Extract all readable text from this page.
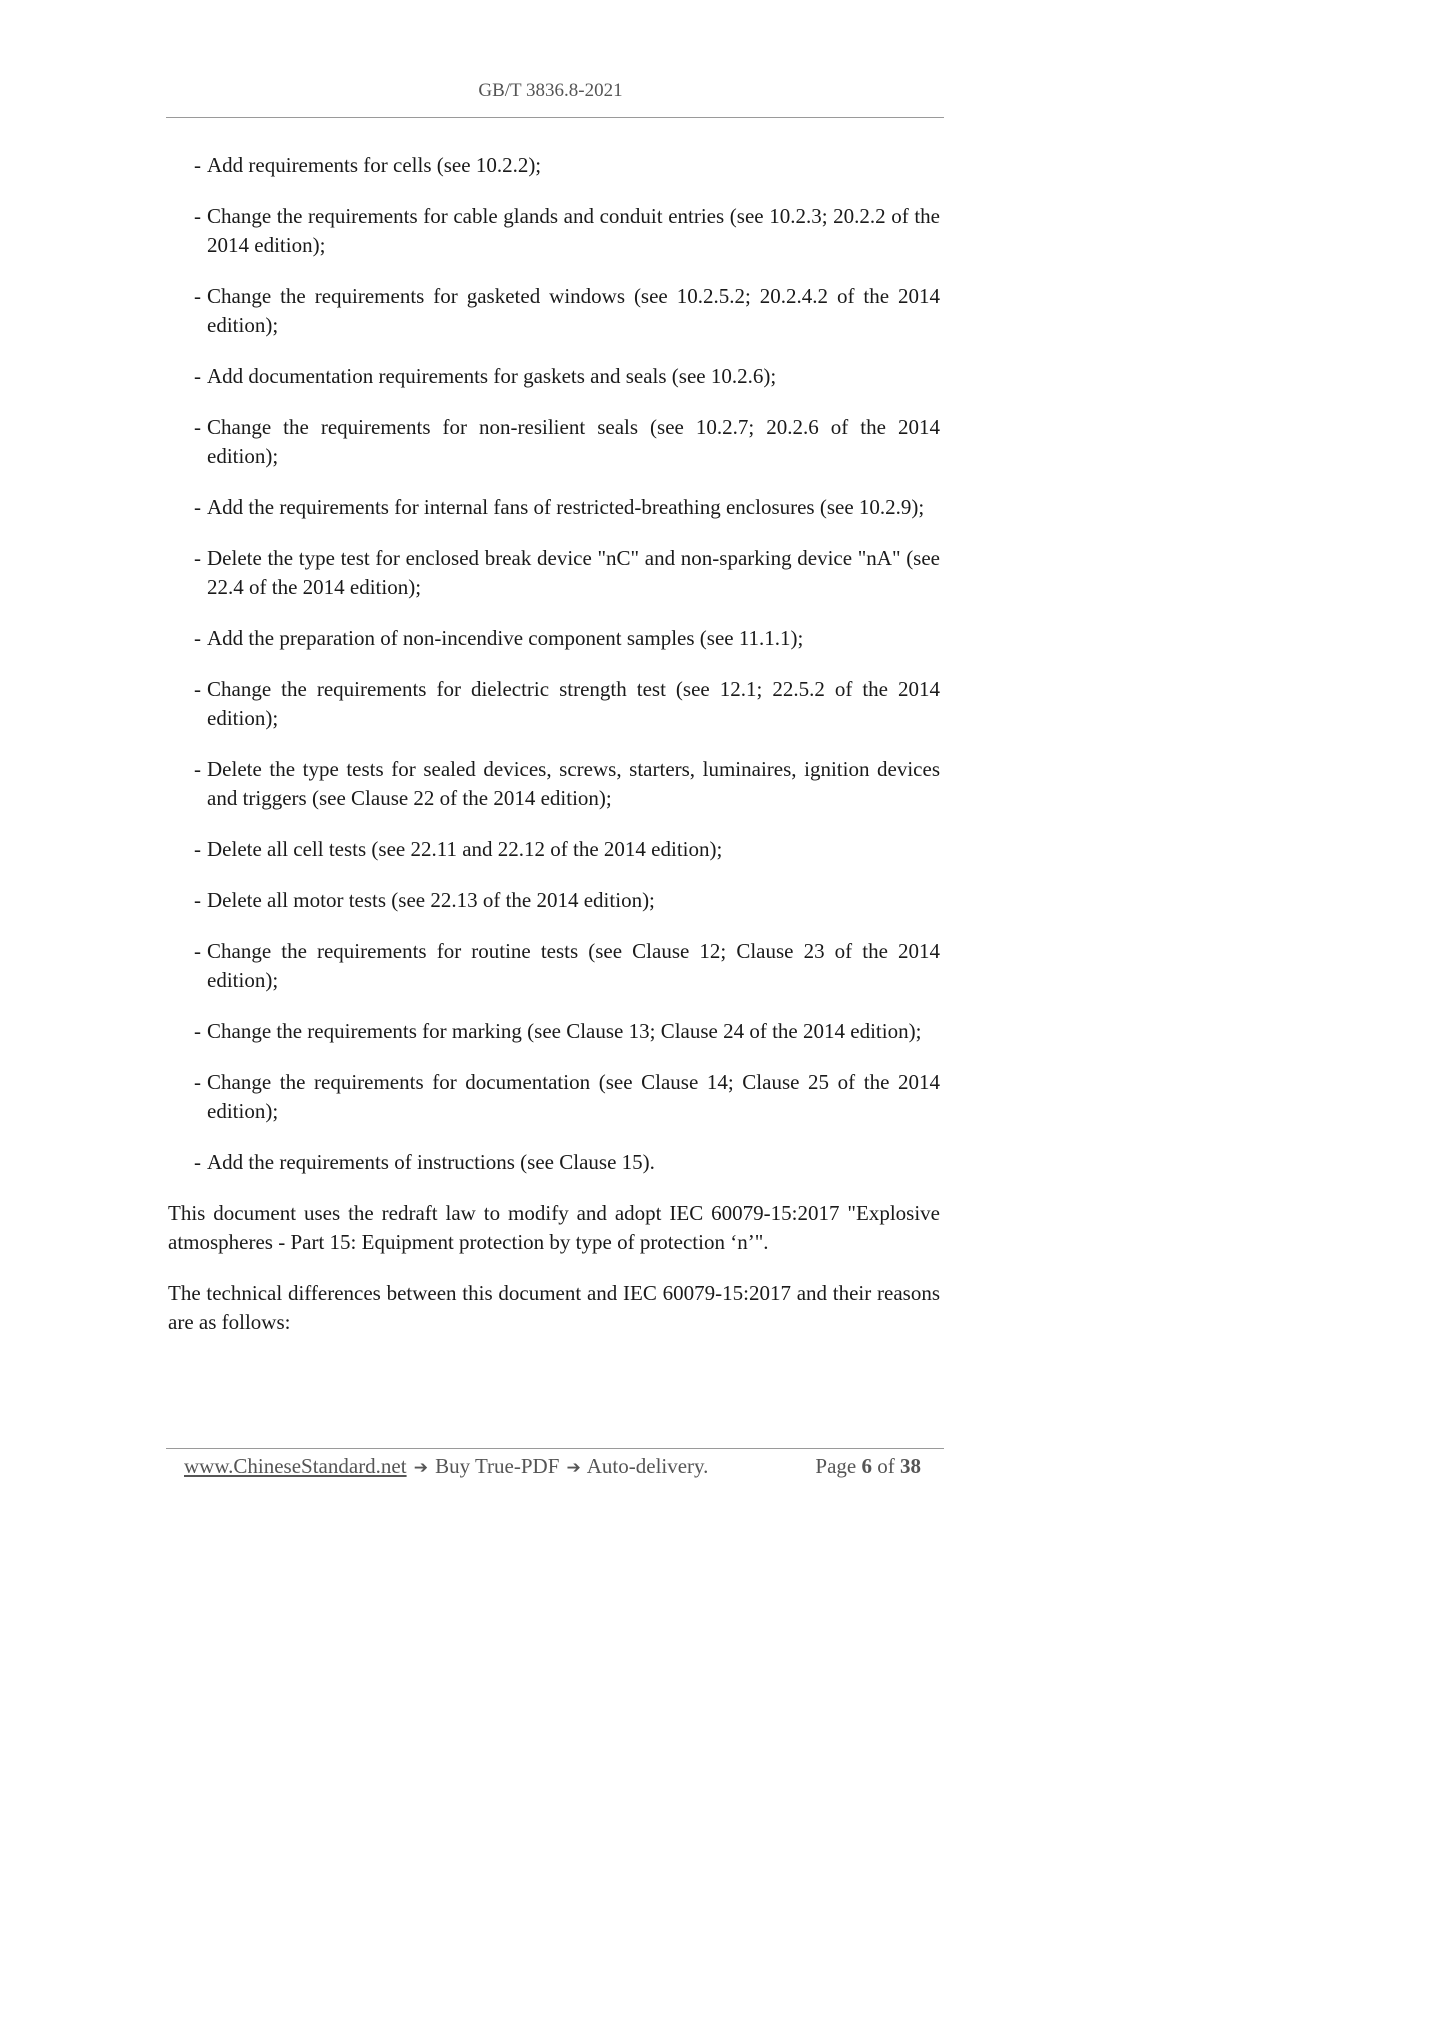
GB/T 3836.8-2021
- Add requirements for cells (see 10.2.2);
- Change the requirements for cable glands and conduit entries (see 10.2.3; 20.2.2 of the 2014 edition);
- Change the requirements for gasketed windows (see 10.2.5.2; 20.2.4.2 of the 2014 edition);
- Add documentation requirements for gaskets and seals (see 10.2.6);
- Change the requirements for non-resilient seals (see 10.2.7; 20.2.6 of the 2014 edition);
- Add the requirements for internal fans of restricted-breathing enclosures (see 10.2.9);
- Delete the type test for enclosed break device "nC" and non-sparking device "nA" (see 22.4 of the 2014 edition);
- Add the preparation of non-incendive component samples (see 11.1.1);
- Change the requirements for dielectric strength test (see 12.1; 22.5.2 of the 2014 edition);
- Delete the type tests for sealed devices, screws, starters, luminaires, ignition devices and triggers (see Clause 22 of the 2014 edition);
- Delete all cell tests (see 22.11 and 22.12 of the 2014 edition);
- Delete all motor tests (see 22.13 of the 2014 edition);
- Change the requirements for routine tests (see Clause 12; Clause 23 of the 2014 edition);
- Change the requirements for marking (see Clause 13; Clause 24 of the 2014 edition);
- Change the requirements for documentation (see Clause 14; Clause 25 of the 2014 edition);
- Add the requirements of instructions (see Clause 15).

This document uses the redraft law to modify and adopt IEC 60079-15:2017 "Explosive atmospheres - Part 15: Equipment protection by type of protection ‘n’".

The technical differences between this document and IEC 60079-15:2017 and their reasons are as follows:

www.ChineseStandard.net ➔ Buy True-PDF ➔ Auto-delivery.	Page 6 of 38
